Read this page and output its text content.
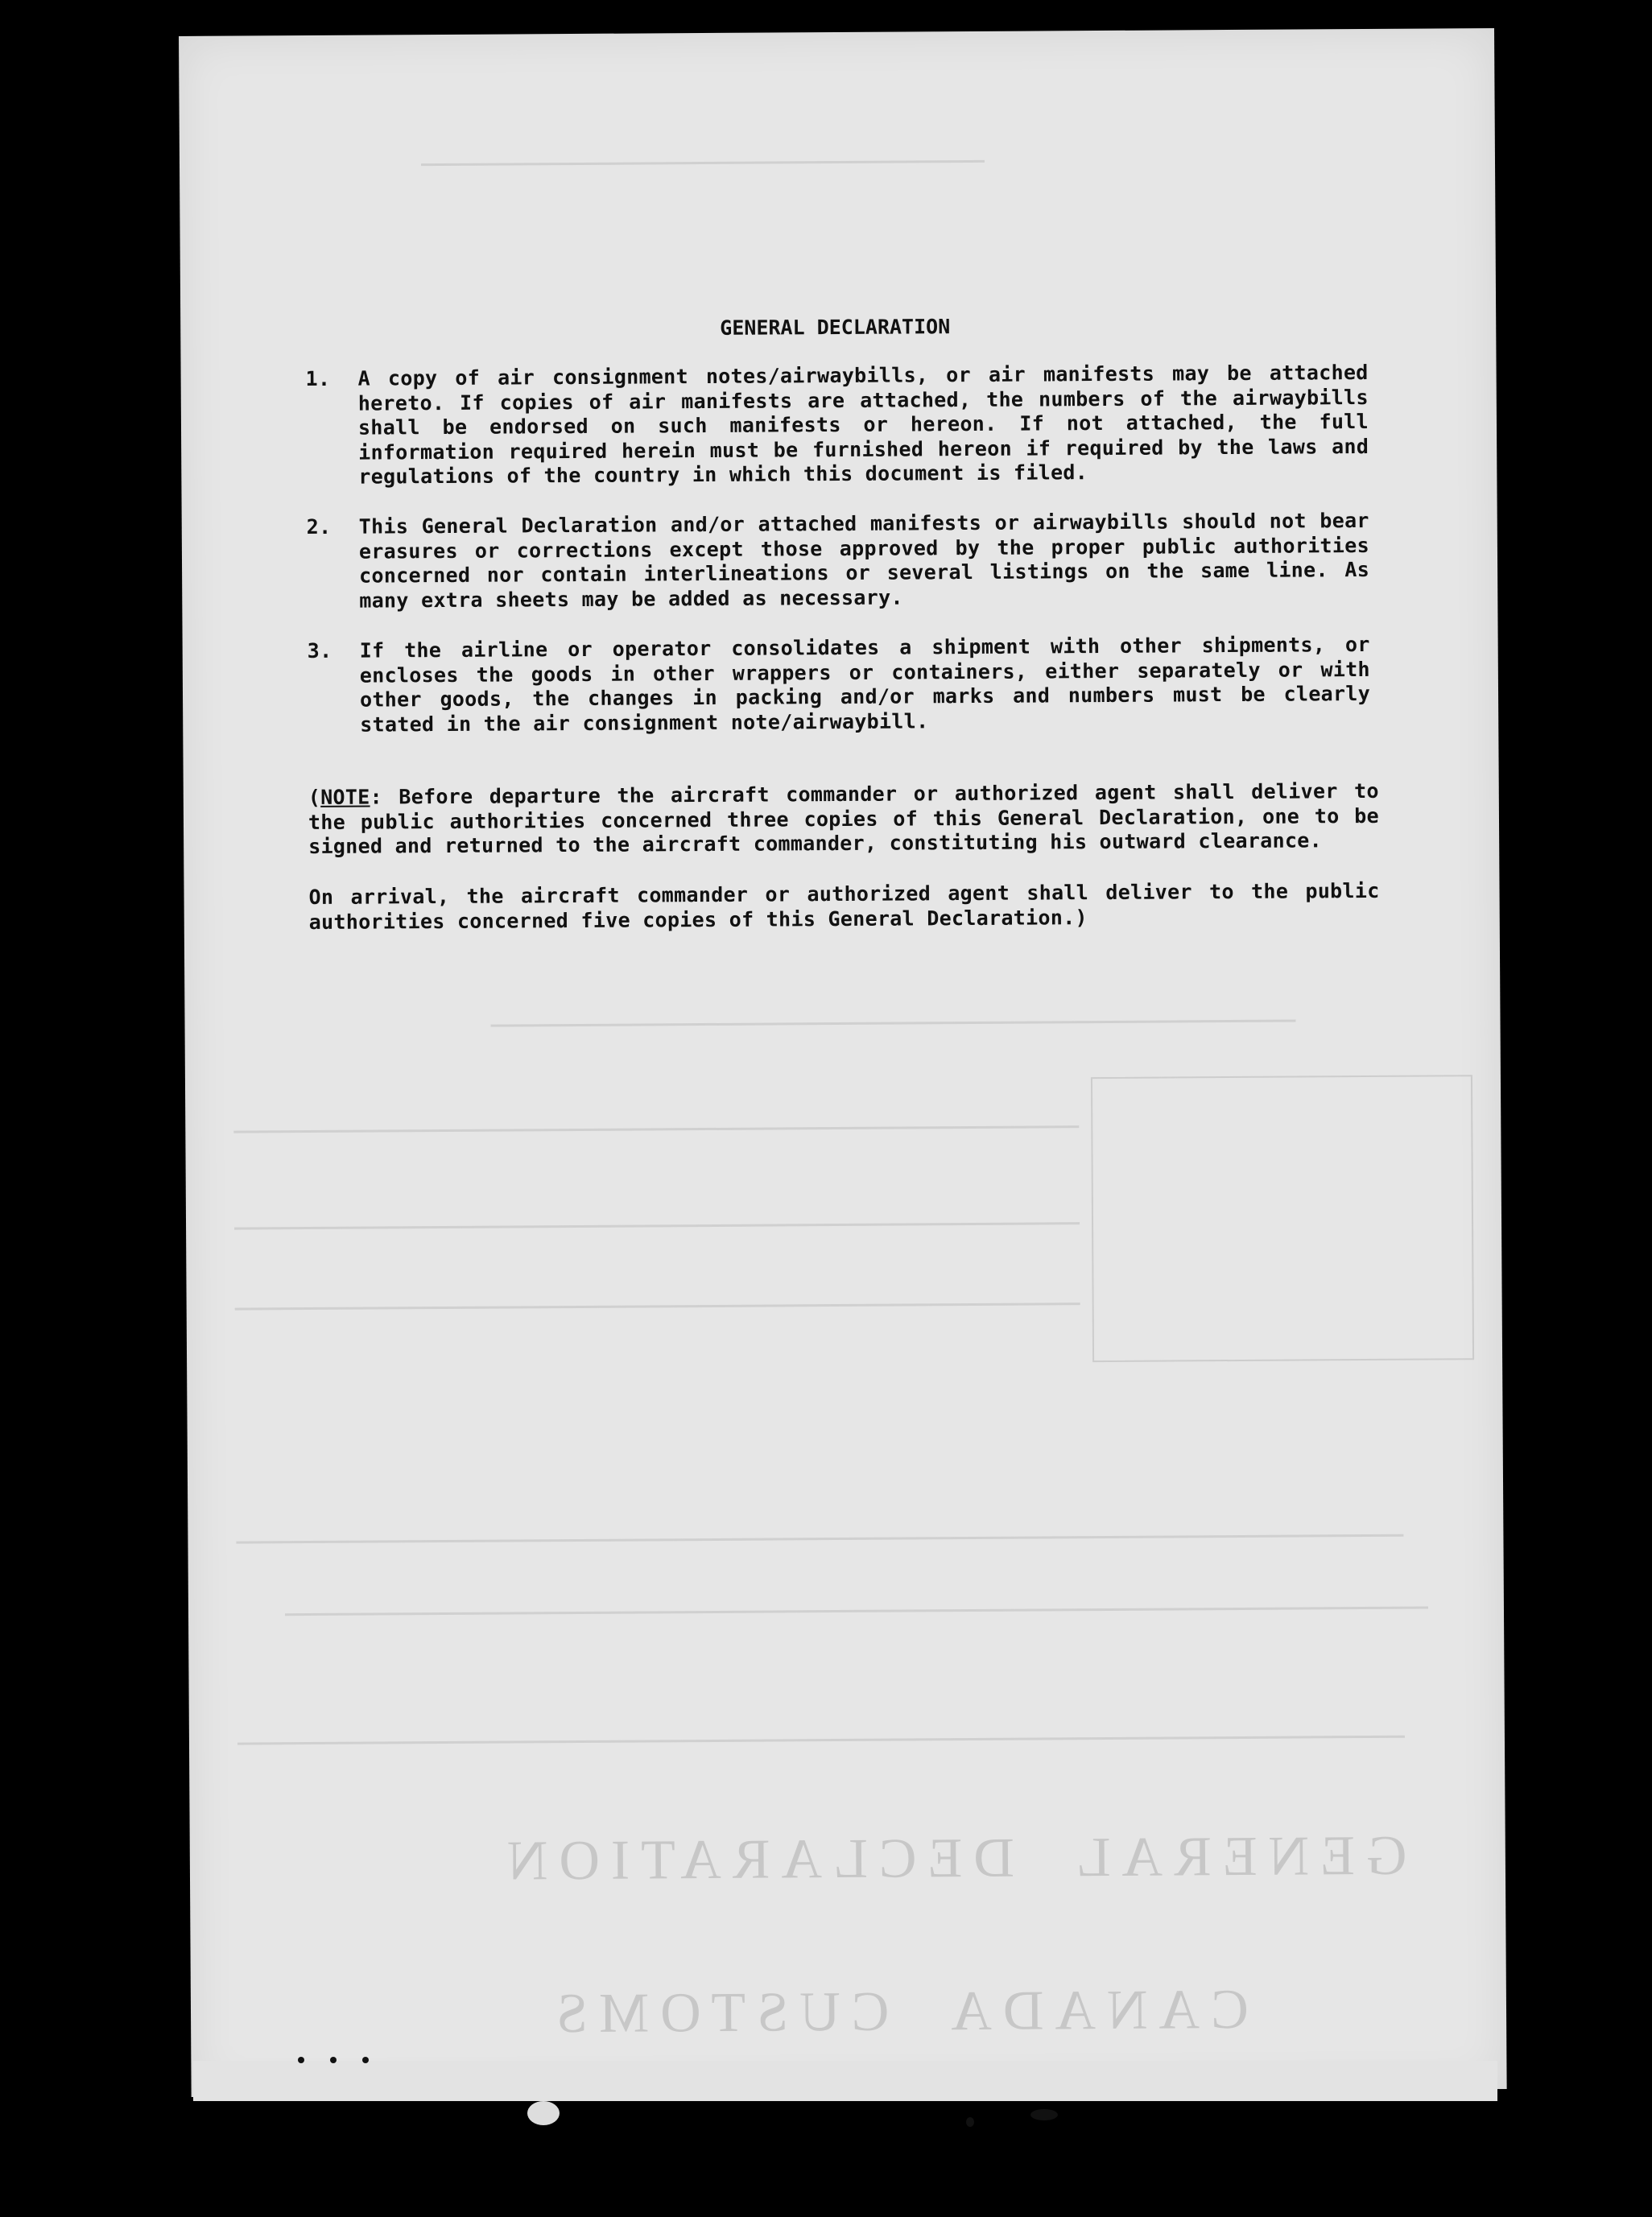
GENERAL  DECLARATION
CANADA  CUSTOMS
GENERAL DECLARATION
1. A copy of air consignment notes/airwaybills, or air manifests may be attached hereto. If copies of air manifests are attached, the numbers of the airwaybills shall be endorsed on such manifests or hereon. If not attached, the full information required herein must be furnished hereon if required by the laws and regulations of the country in which this document is filed.
2. This General Declaration and/or attached manifests or airwaybills should not bear erasures or corrections except those approved by the proper public authorities concerned nor contain interlineations or several listings on the same line. As many extra sheets may be added as necessary.
3. If the airline or operator consolidates a shipment with other shipments, or encloses the goods in other wrappers or containers, either separately or with other goods, the changes in packing and/or marks and numbers must be clearly stated in the air consignment note/airwaybill.
(NOTE: Before departure the aircraft commander or authorized agent shall deliver to the public authorities concerned three copies of this General Declaration, one to be signed and returned to the aircraft commander, constituting his outward clearance.
On arrival, the aircraft commander or authorized agent shall deliver to the public authorities concerned five copies of this General Declaration.)
